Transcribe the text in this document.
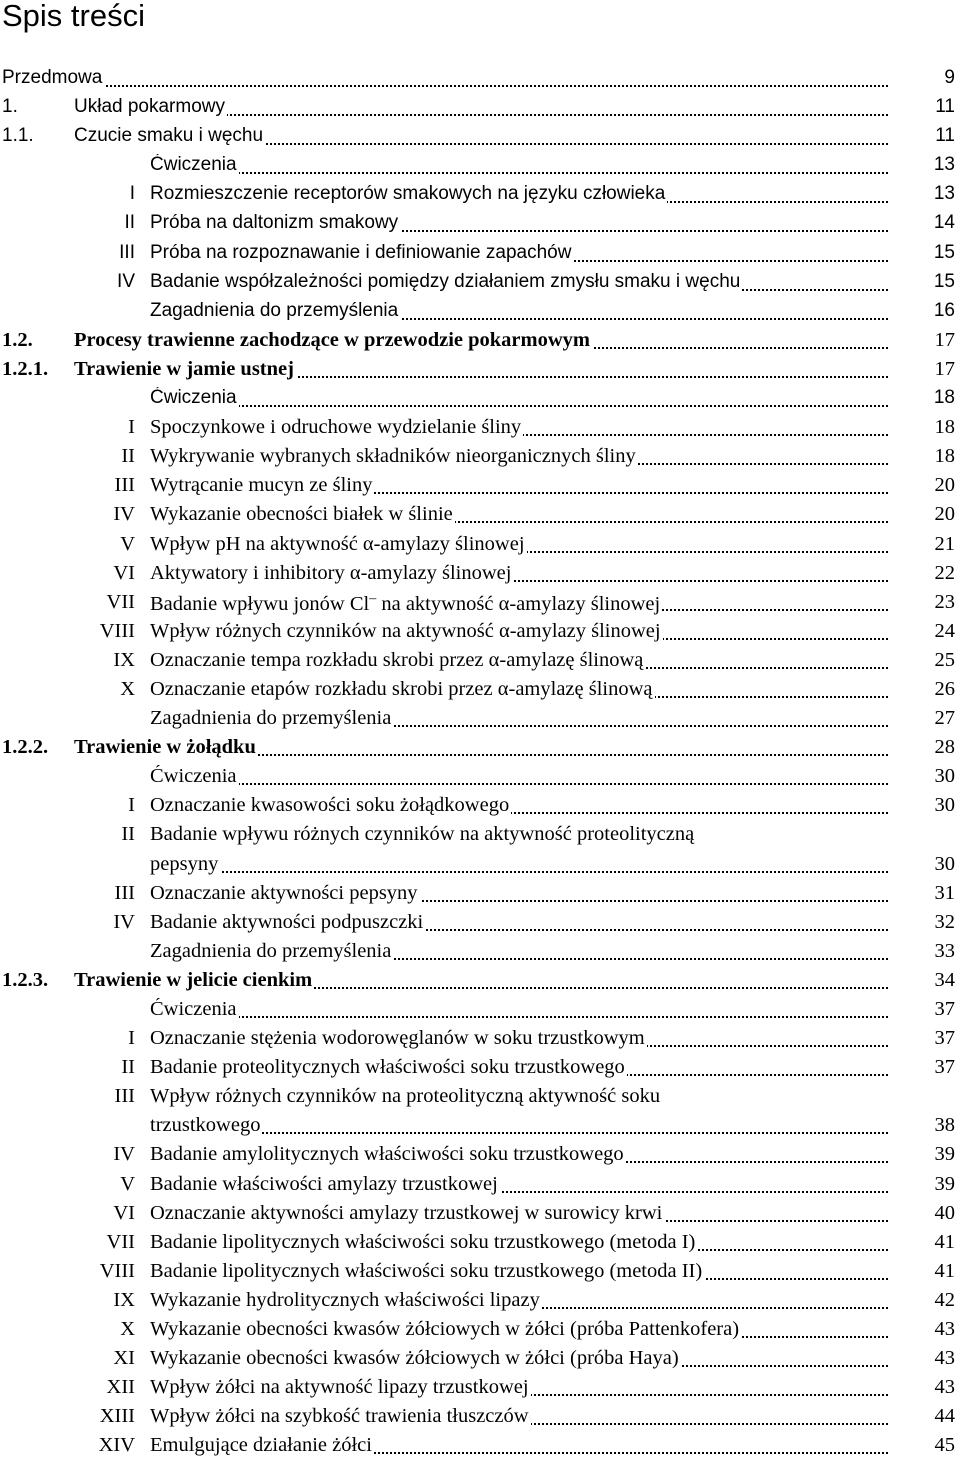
Spis treści
Przedmowa	9
1.	Układ pokarmowy	11
1.1. Czucie smaku i węchu	11
Ćwiczenia	13
I Rozmieszczenie receptorów smakowych na języku człowieka	13
II Próba na daltonizm smakowy	14
III Próba na rozpoznawanie i definiowanie zapachów	15
IV Badanie współzależności pomiędzy działaniem zmysłu smaku i węchu	15
Zagadnienia do przemyślenia	16
1.2. Procesy trawienne zachodzące w przewodzie pokarmowym	17
1.2.1. Trawienie w jamie ustnej	17
Ćwiczenia	18
I Spoczynkowe i odruchowe wydzielanie śliny	18
II Wykrywanie wybranych składników nieorganicznych śliny	18
III Wytrącanie mucyn ze śliny	20
IV Wykazanie obecności białek w ślinie	20
V Wpływ pH na aktywność α-amylazy ślinowej	21
VI Aktywatory i inhibitory α-amylazy ślinowej	22
VII Badanie wpływu jonów Cl– na aktywność α-amylazy ślinowej	23
VIII Wpływ różnych czynników na aktywność α-amylazy ślinowej	24
IX Oznaczanie tempa rozkładu skrobi przez α-amylazę ślinową	25
X Oznaczanie etapów rozkładu skrobi przez α-amylazę ślinową	26
Zagadnienia do przemyślenia	27
1.2.2. Trawienie w żołądku	28
Ćwiczenia	30
I Oznaczanie kwasowości soku żołądkowego	30
II Badanie wpływu różnych czynników na aktywność proteolityczną
pepsyny	30
III Oznaczanie aktywności pepsyny	31
IV Badanie aktywności podpuszczki	32
Zagadnienia do przemyślenia	33
1.2.3. Trawienie w jelicie cienkim	34
Ćwiczenia	37
I Oznaczanie stężenia wodorowęglanów w soku trzustkowym	37
II Badanie proteolitycznych właściwości soku trzustkowego	37
III Wpływ różnych czynników na proteolityczną aktywność soku
trzustkowego	38
IV Badanie amylolitycznych właściwości soku trzustkowego	39
V Badanie właściwości amylazy trzustkowej	39
VI Oznaczanie aktywności amylazy trzustkowej w surowicy krwi	40
VII Badanie lipolitycznych właściwości soku trzustkowego (metoda I)	41
VIII Badanie lipolitycznych właściwości soku trzustkowego (metoda II)	41
IX Wykazanie hydrolitycznych właściwości lipazy	42
X Wykazanie obecności kwasów żółciowych w żółci (próba Pattenkofera)	43
XI Wykazanie obecności kwasów żółciowych w żółci (próba Haya)	43
XII Wpływ żółci na aktywność lipazy trzustkowej	43
XIII Wpływ żółci na szybkość trawienia tłuszczów	44
XIV Emulgujące działanie żółci	45
